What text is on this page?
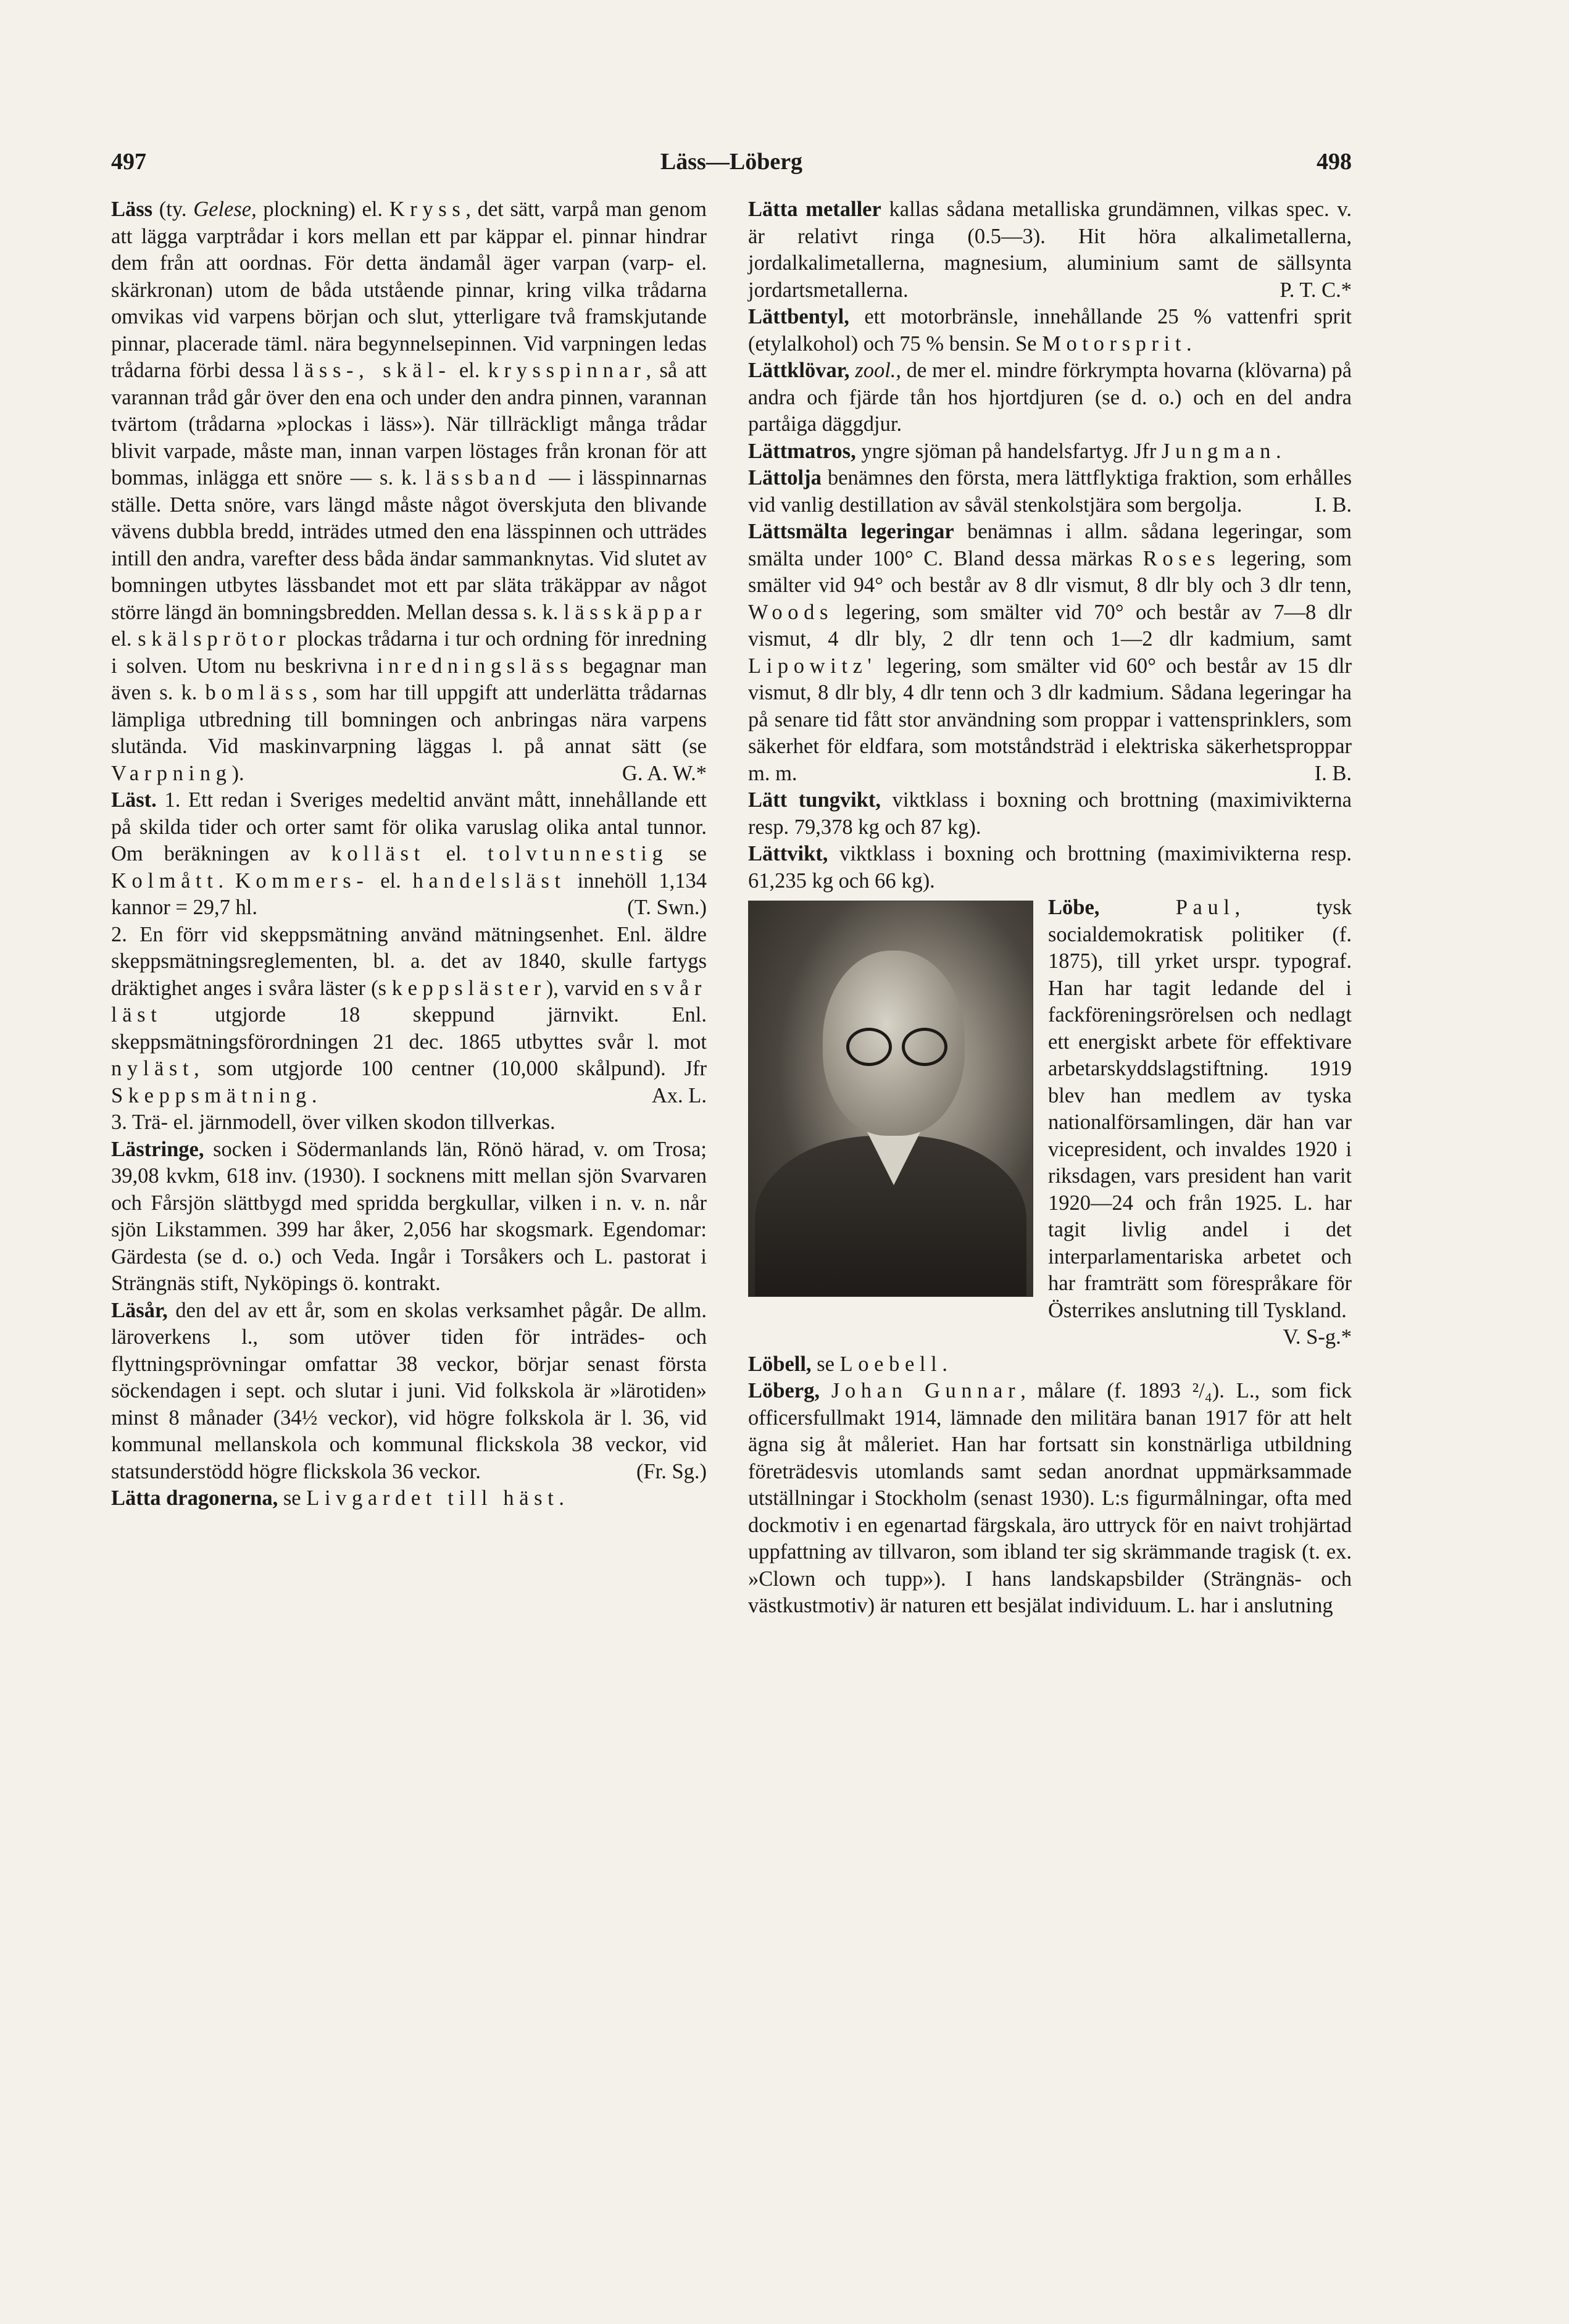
497	Läss—Löberg	498

Läss (ty. Gelese, plockning) el. Kryss, det sätt, varpå man genom att lägga varptrådar i kors mellan ett par käppar el. pinnar hindrar dem från att oordnas. För detta ändamål äger varpan (varp- el. skärkronan) utom de båda utstående pinnar, kring vilka trådarna omvikas vid varpens början och slut, ytterligare två framskjutande pinnar, placerade täml. nära begynnelsepinnen. Vid varpningen ledas trådarna förbi dessa läss-, skäl- el. krysspinnar, så att varannan tråd går över den ena och under den andra pinnen, varannan tvärtom (trådarna »plockas i läss»). När tillräckligt många trådar blivit varpade, måste man, innan varpen löstages från kronan för att bommas, inlägga ett snöre — s. k. lässband — i lässpinnarnas ställe. Detta snöre, vars längd måste något överskjuta den blivande vävens dubbla bredd, inträdes utmed den ena lässpinnen och utträdes intill den andra, varefter dess båda ändar sammanknytas. Vid slutet av bomningen utbytes lässbandet mot ett par släta träkäppar av något större längd än bomningsbredden. Mellan dessa s. k. lässkäppar el. skälsprötor plockas trådarna i tur och ordning för inredning i solven. Utom nu beskrivna inredningsläss begagnar man även s. k. bomläss, som har till uppgift att underlätta trådarnas lämpliga utbredning till bomningen och anbringas nära varpens slutända. Vid maskinvarpning läggas l. på annat sätt (se Varpning).	G. A. W.*

Läst. 1. Ett redan i Sveriges medeltid använt mått, innehållande ett på skilda tider och orter samt för olika varuslag olika antal tunnor. Om beräkningen av kolläst el. tolvtunnestig se Kolmått. Kommers- el. handelsläst innehöll 1,134 kannor = 29,7 hl.	(T. Swn.)

2. En förr vid skeppsmätning använd mätningsenhet. Enl. äldre skeppsmätningsreglementen, bl. a. det av 1840, skulle fartygs dräktighet anges i svåra läster (skeppsläster), varvid en svår läst utgjorde 18 skeppund järnvikt. Enl. skeppsmätningsförordningen 21 dec. 1865 utbyttes svår l. mot nyläst, som utgjorde 100 centner (10,000 skålpund). Jfr Skeppsmätning.	Ax. L.

3. Trä- el. järnmodell, över vilken skodon tillverkas.

Lästringe, socken i Södermanlands län, Rönö härad, v. om Trosa; 39,08 kvkm, 618 inv. (1930). I socknens mitt mellan sjön Svarvaren och Fårsjön slättbygd med spridda bergkullar, vilken i n. v. n. når sjön Likstammen. 399 har åker, 2,056 har skogsmark. Egendomar: Gärdesta (se d. o.) och Veda. Ingår i Torsåkers och L. pastorat i Strängnäs stift, Nyköpings ö. kontrakt.

Läsår, den del av ett år, som en skolas verksamhet pågår. De allm. läroverkens l., som utöver tiden för inträdes- och flyttningsprövningar omfattar 38 veckor, börjar senast första söckendagen i sept. och slutar i juni. Vid folkskola är »lärotiden» minst 8 månader (34½ veckor), vid högre folkskola är l. 36, vid kommunal mellanskola och kommunal flickskola 38 veckor, vid statsunderstödd högre flickskola 36 veckor.	(Fr. Sg.)

Lätta dragonerna, se Livgardet till häst.

Lätta metaller kallas sådana metalliska grundämnen, vilkas spec. v. är relativt ringa (0.5—3). Hit höra alkalimetallerna, jordalkalimetallerna, magnesium, aluminium samt de sällsynta jordartsmetallerna.	P. T. C.*

Lättbentyl, ett motorbränsle, innehållande 25 % vattenfri sprit (etylalkohol) och 75 % bensin. Se Motorsprit.

Lättklövar, zool., de mer el. mindre förkrympta hovarna (klövarna) på andra och fjärde tån hos hjortdjuren (se d. o.) och en del andra partåiga däggdjur.

Lättmatros, yngre sjöman på handelsfartyg. Jfr Jungman.

Lättolja benämnes den första, mera lättflyktiga fraktion, som erhålles vid vanlig destillation av såväl stenkolstjära som bergolja.	I. B.

Lättsmälta legeringar benämnas i allm. sådana legeringar, som smälta under 100° C. Bland dessa märkas Roses legering, som smälter vid 94° och består av 8 dlr vismut, 8 dlr bly och 3 dlr tenn, Woods legering, som smälter vid 70° och består av 7—8 dlr vismut, 4 dlr bly, 2 dlr tenn och 1—2 dlr kadmium, samt Lipowitz' legering, som smälter vid 60° och består av 15 dlr vismut, 8 dlr bly, 4 dlr tenn och 3 dlr kadmium. Sådana legeringar ha på senare tid fått stor användning som proppar i vattensprinklers, som säkerhet för eldfara, som motståndsträd i elektriska säkerhetsproppar m. m.	I. B.

Lätt tungvikt, viktklass i boxning och brottning (maximivikterna resp. 79,378 kg och 87 kg).

Lättvikt, viktklass i boxning och brottning (maximivikterna resp. 61,235 kg och 66 kg).

Löbe,	Paul
, tysk socialdemokratisk politiker (f. 1875), till yrket urspr. typograf. Han har tagit ledande del i fackföreningsrörelsen och nedlagt ett energiskt arbete för effektivare arbetarskyddslagstiftning. 1919 blev han medlem av tyska nationalförsamlingen, där han var vicepresident, och invaldes 1920 i riksdagen, vars president han varit 1920—24 och från 1925. L. har tagit livlig andel i det interparlamentariska arbetet och har framträtt som förespråkare för Österrikes anslutning till Tyskland.
V. S-g.*

Löbell, se Loebell.

Löberg, Johan Gunnar, målare (f. 1893 ²/₄). L., som fick officersfullmakt 1914, lämnade den militära banan 1917 för att helt ägna sig åt måleriet. Han har fortsatt sin konstnärliga utbildning företrädesvis utomlands samt sedan anordnat uppmärksammade utställningar i Stockholm (senast 1930). L:s figurmålningar, ofta med dockmotiv i en egenartad färgskala, äro uttryck för en naivt trohjärtad uppfattning av tillvaron, som ibland ter sig skrämmande tragisk (t. ex. »Clown och tupp»). I hans landskapsbilder (Strängnäs- och västkustmotiv) är naturen ett besjälat individuum. L. har i anslutning
